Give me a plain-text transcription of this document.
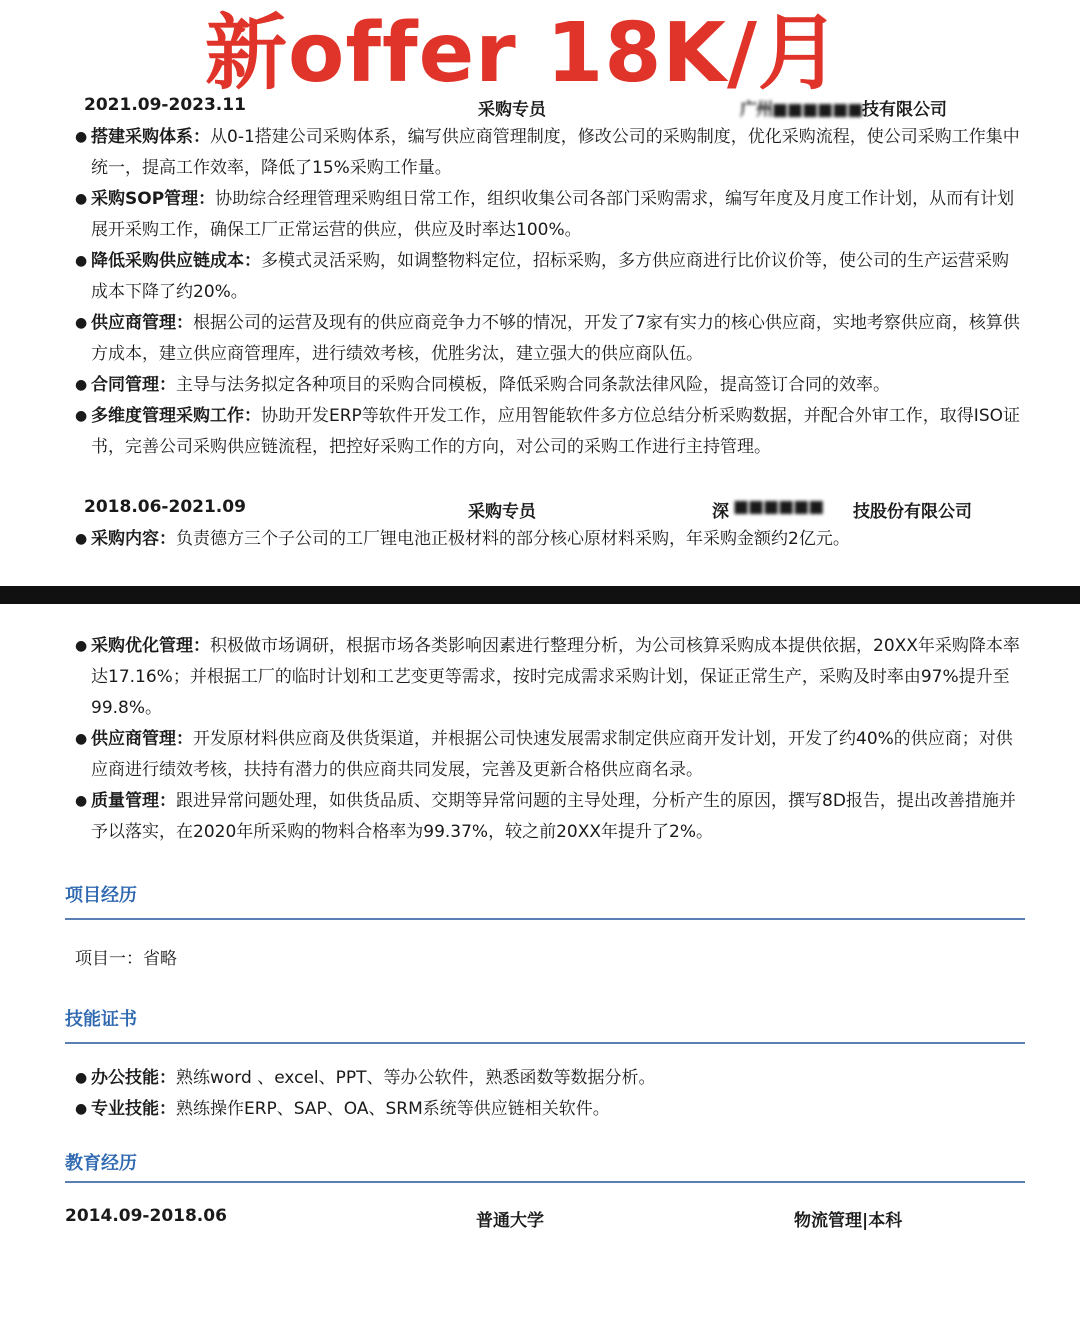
新offer 18K/月
2021.09-2023.11	采购专员	广州■■■■■■ 技有限公司
● 搭建采购体系：从0-1搭建公司采购体系，编写供应商管理制度，修改公司的采购制度，优化采购流程，使公司采购工作集中统一，提高工作效率，降低了15%采购工作量。
● 采购SOP管理：协助综合经理管理采购组日常工作，组织收集公司各部门采购需求，编写年度及月度工作计划，从而有计划展开采购工作，确保工厂正常运营的供应，供应及时率达100%。
● 降低采购供应链成本：多模式灵活采购，如调整物料定位，招标采购，多方供应商进行比价议价等，使公司的生产运营采购成本下降了约20%。
● 供应商管理：根据公司的运营及现有的供应商竞争力不够的情况，开发了7家有实力的核心供应商，实地考察供应商，核算供方成本，建立供应商管理库，进行绩效考核，优胜劣汰，建立强大的供应商队伍。
● 合同管理：主导与法务拟定各种项目的采购合同模板，降低采购合同条款法律风险，提高签订合同的效率。
● 多维度管理采购工作：协助开发ERP等软件开发工作，应用智能软件多方位总结分析采购数据，并配合外审工作，取得ISO证书，完善公司采购供应链流程，把控好采购工作的方向，对公司的采购工作进行主持管理。
2018.06-2021.09	采购专员	深 ■■■■■■ 技股份有限公司
● 采购内容：负责德方三个子公司的工厂锂电池正极材料的部分核心原材料采购，年采购金额约2亿元。
● 采购优化管理：积极做市场调研，根据市场各类影响因素进行整理分析，为公司核算采购成本提供依据，20XX年采购降本率达17.16%；并根据工厂的临时计划和工艺变更等需求，按时完成需求采购计划，保证正常生产，采购及时率由97%提升至99.8%。
● 供应商管理：开发原材料供应商及供货渠道，并根据公司快速发展需求制定供应商开发计划，开发了约40%的供应商；对供应商进行绩效考核，扶持有潜力的供应商共同发展，完善及更新合格供应商名录。
● 质量管理：跟进异常问题处理，如供货品质、交期等异常问题的主导处理，分析产生的原因，撰写8D报告，提出改善措施并予以落实，在2020年所采购的物料合格率为99.37%，较之前20XX年提升了2%。
项目经历
项目一：省略
技能证书
● 办公技能：熟练word 、excel、PPT、等办公软件，熟悉函数等数据分析。
● 专业技能：熟练操作ERP、SAP、OA、SRM系统等供应链相关软件。
教育经历
2014.09-2018.06	普通大学	物流管理|本科
